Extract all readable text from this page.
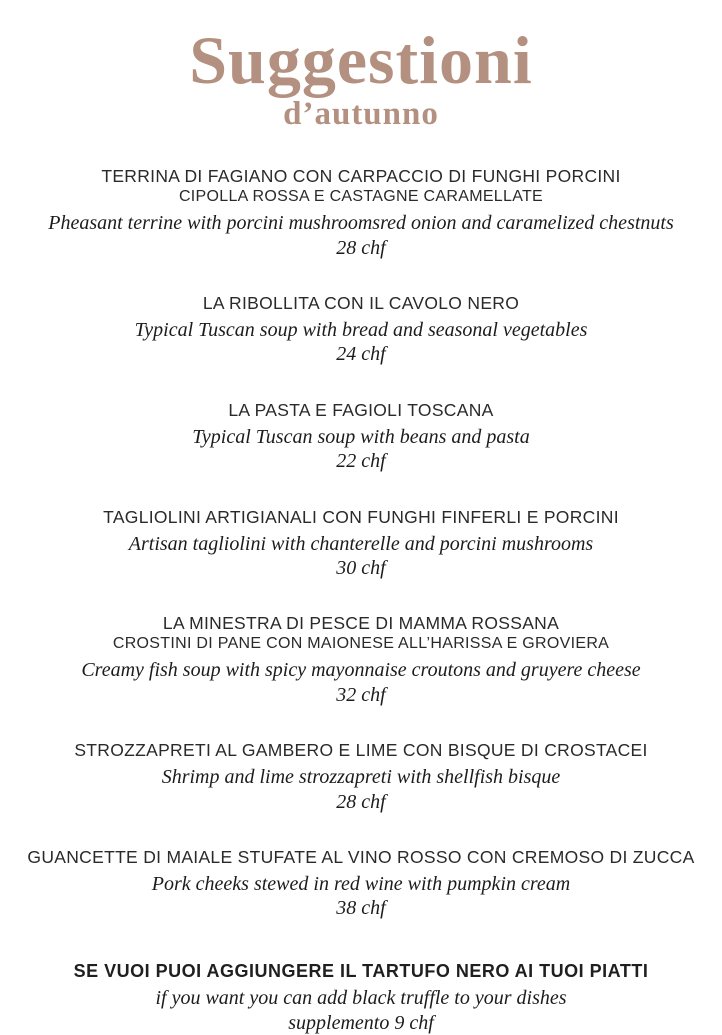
Suggestioni
d’autunno
TERRINA DI FAGIANO CON CARPACCIO DI FUNGHI PORCINI
CIPOLLA ROSSA E CASTAGNE CARAMELLATE
Pheasant terrine with porcini mushroomsred onion and caramelized chestnuts
28 chf
LA RIBOLLITA CON IL CAVOLO NERO
Typical Tuscan soup with bread and seasonal vegetables
24 chf
LA PASTA E FAGIOLI TOSCANA
Typical Tuscan soup with beans and pasta
22 chf
TAGLIOLINI ARTIGIANALI CON FUNGHI FINFERLI E PORCINI
Artisan tagliolini with chanterelle and porcini mushrooms
30 chf
LA MINESTRA DI PESCE DI MAMMA ROSSANA
CROSTINI DI PANE CON MAIONESE ALL’HARISSA E GROVIERA
Creamy fish soup with spicy mayonnaise croutons and gruyere cheese
32 chf
STROZZAPRETI AL GAMBERO E LIME CON BISQUE DI CROSTACEI
Shrimp and lime strozzapreti with shellfish bisque
28 chf
GUANCETTE DI MAIALE STUFATE AL VINO ROSSO CON CREMOSO DI ZUCCA
Pork cheeks stewed in red wine with pumpkin cream
38 chf
SE VUOI PUOI AGGIUNGERE IL TARTUFO NERO AI TUOI PIATTI
if you want you can add black truffle to your dishes
supplemento 9 chf
